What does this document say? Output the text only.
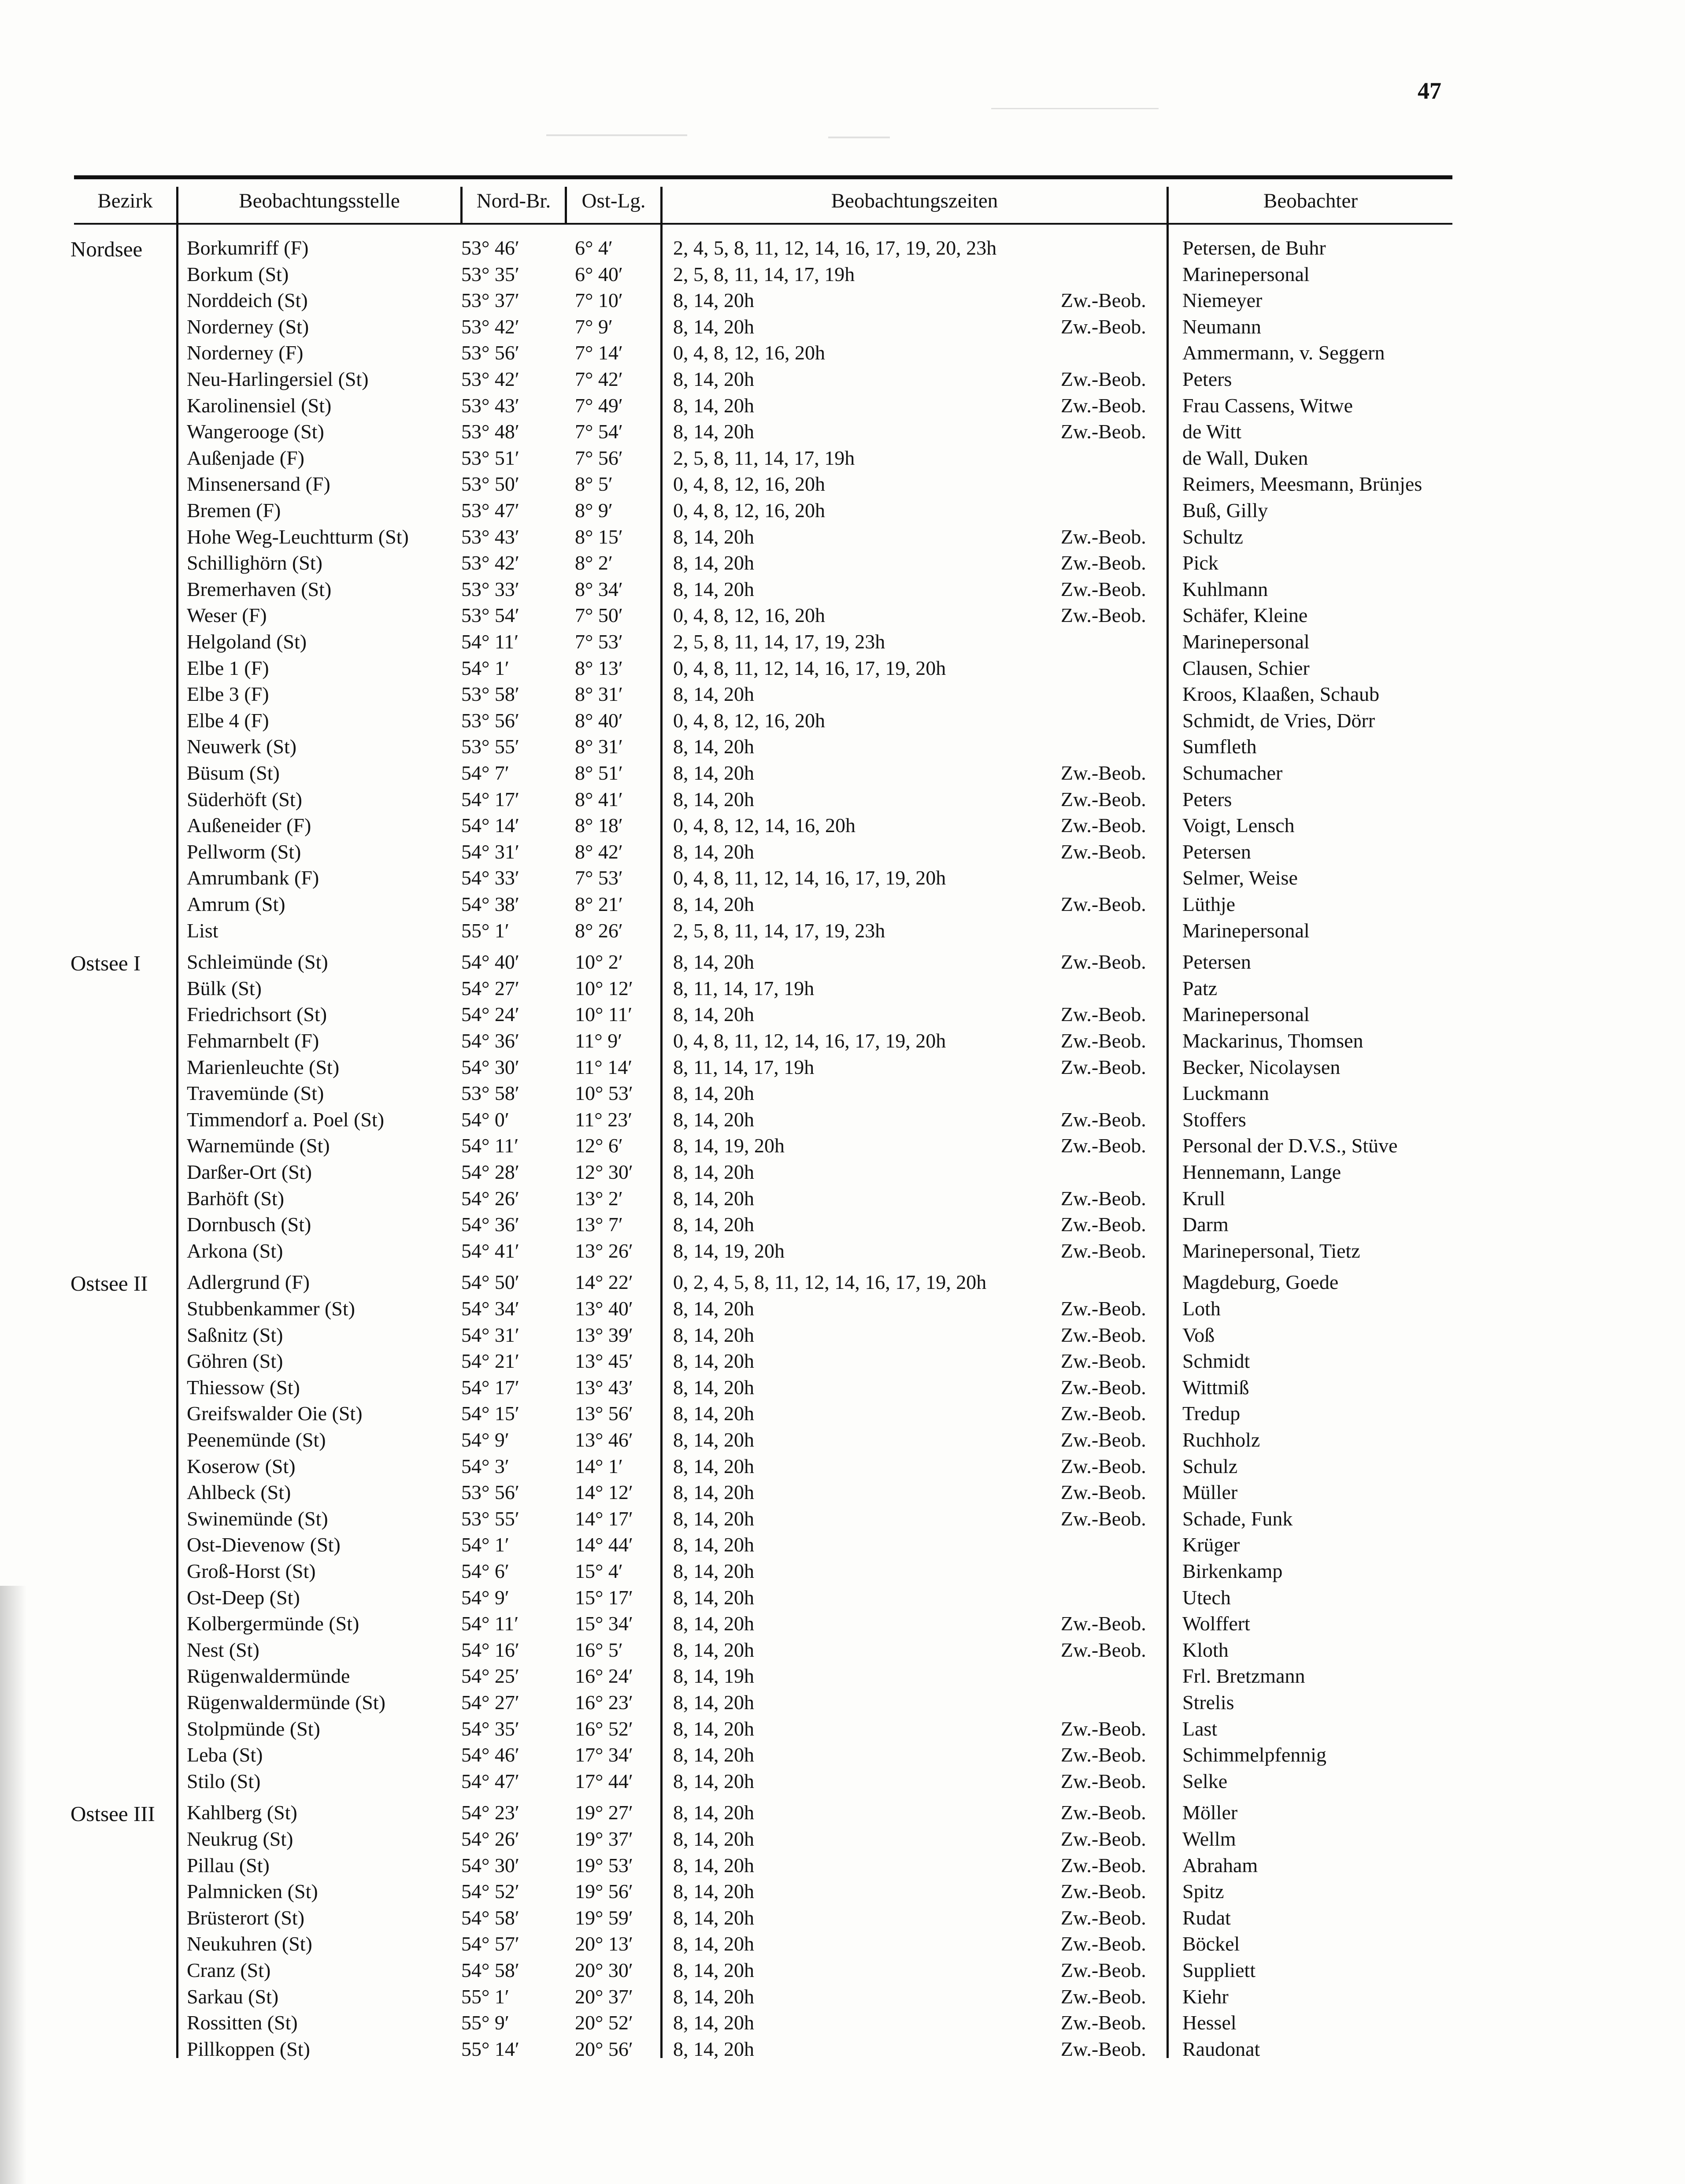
47
Bezirk	Beobachtungsstelle	Nord-Br.	Ost-Lg.	Beobachtungszeiten	Beobachter
Nordsee Borkumriff (F)	53° 46′	6° 4′	2, 4, 5, 8, 11, 12, 14, 16, 17, 19, 20, 23h	Petersen, de Buhr
Borkum (St)	53° 35′	6° 40′ 2, 5, 8, 11, 14, 17, 19h	Marinepersonal
Norddeich (St)	53° 37′	7° 10′ 8, 14, 20h	Zw.-Beob. Niemeyer
Norderney (St)	53° 42′	7° 9′	8, 14, 20h	Zw.-Beob. Neumann
Norderney (F)	53° 56′	7° 14′ 0, 4, 8, 12, 16, 20h	Ammermann, v. Seggern
Neu-Harlingersiel (St)	53° 42′	7° 42′ 8, 14, 20h	Zw.-Beob. Peters
Karolinensiel (St)	53° 43′	7° 49′ 8, 14, 20h	Zw.-Beob. Frau Cassens, Witwe
Wangerooge (St)	53° 48′	7° 54′ 8, 14, 20h	Zw.-Beob. de Witt
Außenjade (F)	53° 51′	7° 56′ 2, 5, 8, 11, 14, 17, 19h	de Wall, Duken
Minsenersand (F)	53° 50′	8° 5′	0, 4, 8, 12, 16, 20h	Reimers, Meesmann, Brünjes
Bremen (F)	53° 47′	8° 9′	0, 4, 8, 12, 16, 20h	Buß, Gilly
Hohe Weg-Leuchtturm (St)	53° 43′	8° 15′ 8, 14, 20h	Zw.-Beob. Schultz
Schillighörn (St)	53° 42′	8° 2′	8, 14, 20h	Zw.-Beob. Pick
Bremerhaven (St)	53° 33′	8° 34′ 8, 14, 20h	Zw.-Beob. Kuhlmann
Weser (F)	53° 54′	7° 50′ 0, 4, 8, 12, 16, 20h	Zw.-Beob. Schäfer, Kleine
Helgoland (St)	54° 11′	7° 53′ 2, 5, 8, 11, 14, 17, 19, 23h	Marinepersonal
Elbe 1 (F)	54° 1′	8° 13′ 0, 4, 8, 11, 12, 14, 16, 17, 19, 20h	Clausen, Schier
Elbe 3 (F)	53° 58′	8° 31′ 8, 14, 20h	Kroos, Klaaßen, Schaub
Elbe 4 (F)	53° 56′	8° 40′ 0, 4, 8, 12, 16, 20h	Schmidt, de Vries, Dörr
Neuwerk (St)	53° 55′	8° 31′ 8, 14, 20h	Sumfleth
Büsum (St)	54° 7′	8° 51′ 8, 14, 20h	Zw.-Beob. Schumacher
Süderhöft (St)	54° 17′	8° 41′ 8, 14, 20h	Zw.-Beob. Peters
Außeneider (F)	54° 14′	8° 18′ 0, 4, 8, 12, 14, 16, 20h	Zw.-Beob. Voigt, Lensch
Pellworm (St)	54° 31′	8° 42′ 8, 14, 20h	Zw.-Beob. Petersen
Amrumbank (F)	54° 33′	7° 53′ 0, 4, 8, 11, 12, 14, 16, 17, 19, 20h	Selmer, Weise
Amrum (St)	54° 38′	8° 21′ 8, 14, 20h	Zw.-Beob. Lüthje
List	55° 1′	8° 26′ 2, 5, 8, 11, 14, 17, 19, 23h	Marinepersonal
Ostsee I Schleimünde (St)	54° 40′	10° 2′ 8, 14, 20h	Zw.-Beob. Petersen
Bülk (St)	54° 27′	10° 12′ 8, 11, 14, 17, 19h	Patz
Friedrichsort (St)	54° 24′	10° 11′ 8, 14, 20h	Zw.-Beob. Marinepersonal
Fehmarnbelt (F)	54° 36′	11° 9′	0, 4, 8, 11, 12, 14, 16, 17, 19, 20h	Zw.-Beob. Mackarinus, Thomsen
Marienleuchte (St)	54° 30′	11° 14′ 8, 11, 14, 17, 19h	Zw.-Beob. Becker, Nicolaysen
Travemünde (St)	53° 58′	10° 53′ 8, 14, 20h	Luckmann
Timmendorf a. Poel (St)	54° 0′	11° 23′ 8, 14, 20h	Zw.-Beob. Stoffers
Warnemünde (St)	54° 11′	12° 6′ 8, 14, 19, 20h	Zw.-Beob. Personal der D.V.S., Stüve
Darßer-Ort (St)	54° 28′	12° 30′ 8, 14, 20h	Hennemann, Lange
Barhöft (St)	54° 26′	13° 2′ 8, 14, 20h	Zw.-Beob. Krull
Dornbusch (St)	54° 36′	13° 7′ 8, 14, 20h	Zw.-Beob. Darm
Arkona (St)	54° 41′	13° 26′ 8, 14, 19, 20h	Zw.-Beob. Marinepersonal, Tietz
Ostsee II Adlergrund (F)	54° 50′	14° 22′ 0, 2, 4, 5, 8, 11, 12, 14, 16, 17, 19, 20h	Magdeburg, Goede
Stubbenkammer (St)	54° 34′	13° 40′ 8, 14, 20h	Zw.-Beob. Loth
Saßnitz (St)	54° 31′	13° 39′ 8, 14, 20h	Zw.-Beob. Voß
Göhren (St)	54° 21′	13° 45′ 8, 14, 20h	Zw.-Beob. Schmidt
Thiessow (St)	54° 17′	13° 43′ 8, 14, 20h	Zw.-Beob. Wittmiß
Greifswalder Oie (St)	54° 15′	13° 56′ 8, 14, 20h	Zw.-Beob. Tredup
Peenemünde (St)	54° 9′	13° 46′ 8, 14, 20h	Zw.-Beob. Ruchholz
Koserow (St)	54° 3′	14° 1′ 8, 14, 20h	Zw.-Beob. Schulz
Ahlbeck (St)	53° 56′	14° 12′ 8, 14, 20h	Zw.-Beob. Müller
Swinemünde (St)	53° 55′	14° 17′ 8, 14, 20h	Zw.-Beob. Schade, Funk
Ost-Dievenow (St)	54° 1′	14° 44′ 8, 14, 20h	Krüger
Groß-Horst (St)	54° 6′	15° 4′ 8, 14, 20h	Birkenkamp
Ost-Deep (St)	54° 9′	15° 17′ 8, 14, 20h	Utech
Kolbergermünde (St)	54° 11′	15° 34′ 8, 14, 20h	Zw.-Beob. Wolffert
Nest (St)	54° 16′	16° 5′ 8, 14, 20h	Zw.-Beob. Kloth
Rügenwaldermünde	54° 25′	16° 24′ 8, 14, 19h	Frl. Bretzmann
Rügenwaldermünde (St)	54° 27′	16° 23′ 8, 14, 20h	Strelis
Stolpmünde (St)	54° 35′	16° 52′ 8, 14, 20h	Zw.-Beob. Last
Leba (St)	54° 46′	17° 34′ 8, 14, 20h	Zw.-Beob. Schimmelpfennig
Stilo (St)	54° 47′	17° 44′ 8, 14, 20h	Zw.-Beob. Selke
Ostsee III Kahlberg (St)	54° 23′	19° 27′ 8, 14, 20h	Zw.-Beob. Möller
Neukrug (St)	54° 26′	19° 37′ 8, 14, 20h	Zw.-Beob. Wellm
Pillau (St)	54° 30′	19° 53′ 8, 14, 20h	Zw.-Beob. Abraham
Palmnicken (St)	54° 52′	19° 56′ 8, 14, 20h	Zw.-Beob. Spitz
Brüsterort (St)	54° 58′	19° 59′ 8, 14, 20h	Zw.-Beob. Rudat
Neukuhren (St)	54° 57′	20° 13′ 8, 14, 20h	Zw.-Beob. Böckel
Cranz (St)	54° 58′	20° 30′ 8, 14, 20h	Zw.-Beob. Suppliett
Sarkau (St)	55° 1′	20° 37′ 8, 14, 20h	Zw.-Beob. Kiehr
Rossitten (St)	55° 9′	20° 52′ 8, 14, 20h	Zw.-Beob. Hessel
Pillkoppen (St)	55° 14′	20° 56′ 8, 14, 20h	Zw.-Beob. Raudonat
